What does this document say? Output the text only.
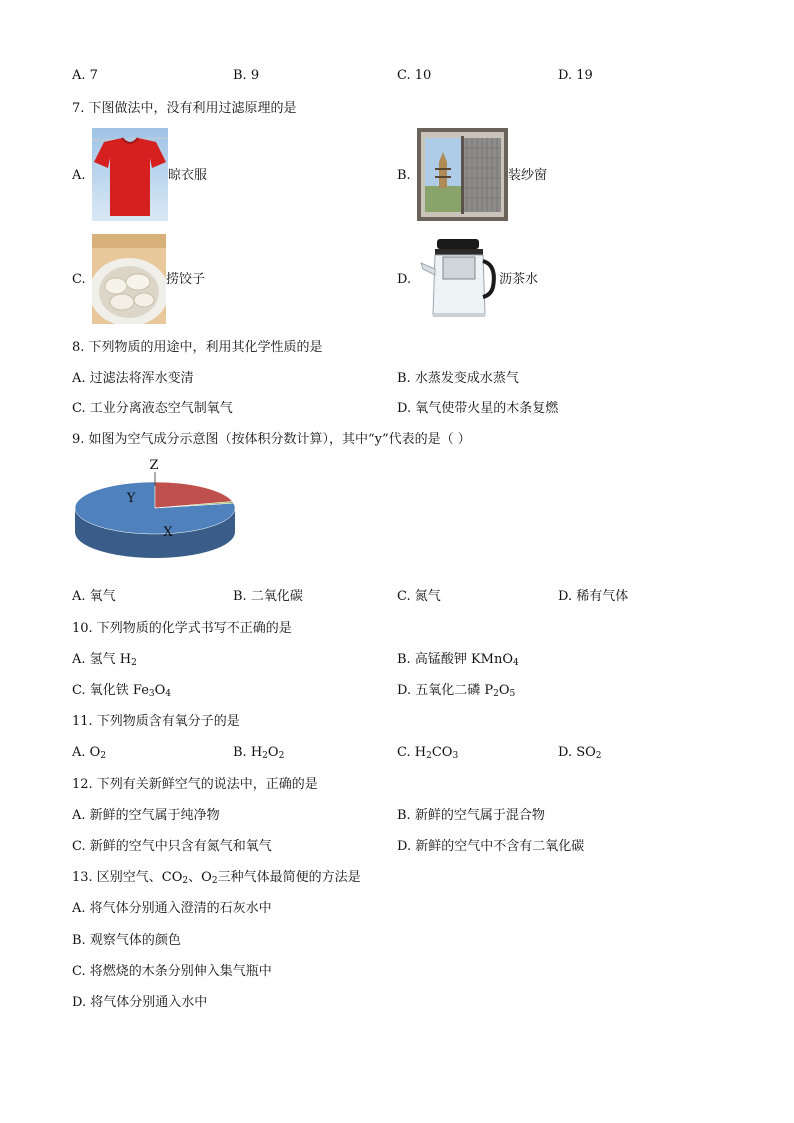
A. 7	B. 9	C. 10	D. 19
7. 下图做法中，没有利用过滤原理的是
A.	晾衣服	B.	装纱窗
C.	捞饺子	D.	沥茶水
8. 下列物质的用途中，利用其化学性质的是
A. 过滤法将浑水变清	B. 水蒸发变成水蒸气
C. 工业分离液态空气制氧气	D. 氧气使带火星的木条复燃
9. 如图为空气成分示意图（按体积分数计算），其中“y”代表的是（ ）
X
Y
Z
A. 氧气	B. 二氧化碳	C. 氮气	D. 稀有气体
10. 下列物质的化学式书写不正确的是
A. 氢气 $H_2$	B. 高锰酸钾 KMnO$_4$
C. 氧化铁 $Fe_3O_4$	D. 五氧化二磷 $P_2O_5$
11. 下列物质含有氧分子的是
A. $O_2$	B. $H_2O_2$	C. $H_2CO_3$	D. $SO_2$
12. 下列有关新鲜空气的说法中，正确的是
A. 新鲜的空气属于纯净物	B. 新鲜的空气属于混合物
C. 新鲜的空气中只含有氮气和氧气	D. 新鲜的空气中不含有二氧化碳
13. 区别空气、$CO_2$、$O_2$三种气体最简便的方法是
A. 将气体分别通入澄清的石灰水中
B. 观察气体的颜色
C. 将燃烧的木条分别伸入集气瓶中
D. 将气体分别通入水中
